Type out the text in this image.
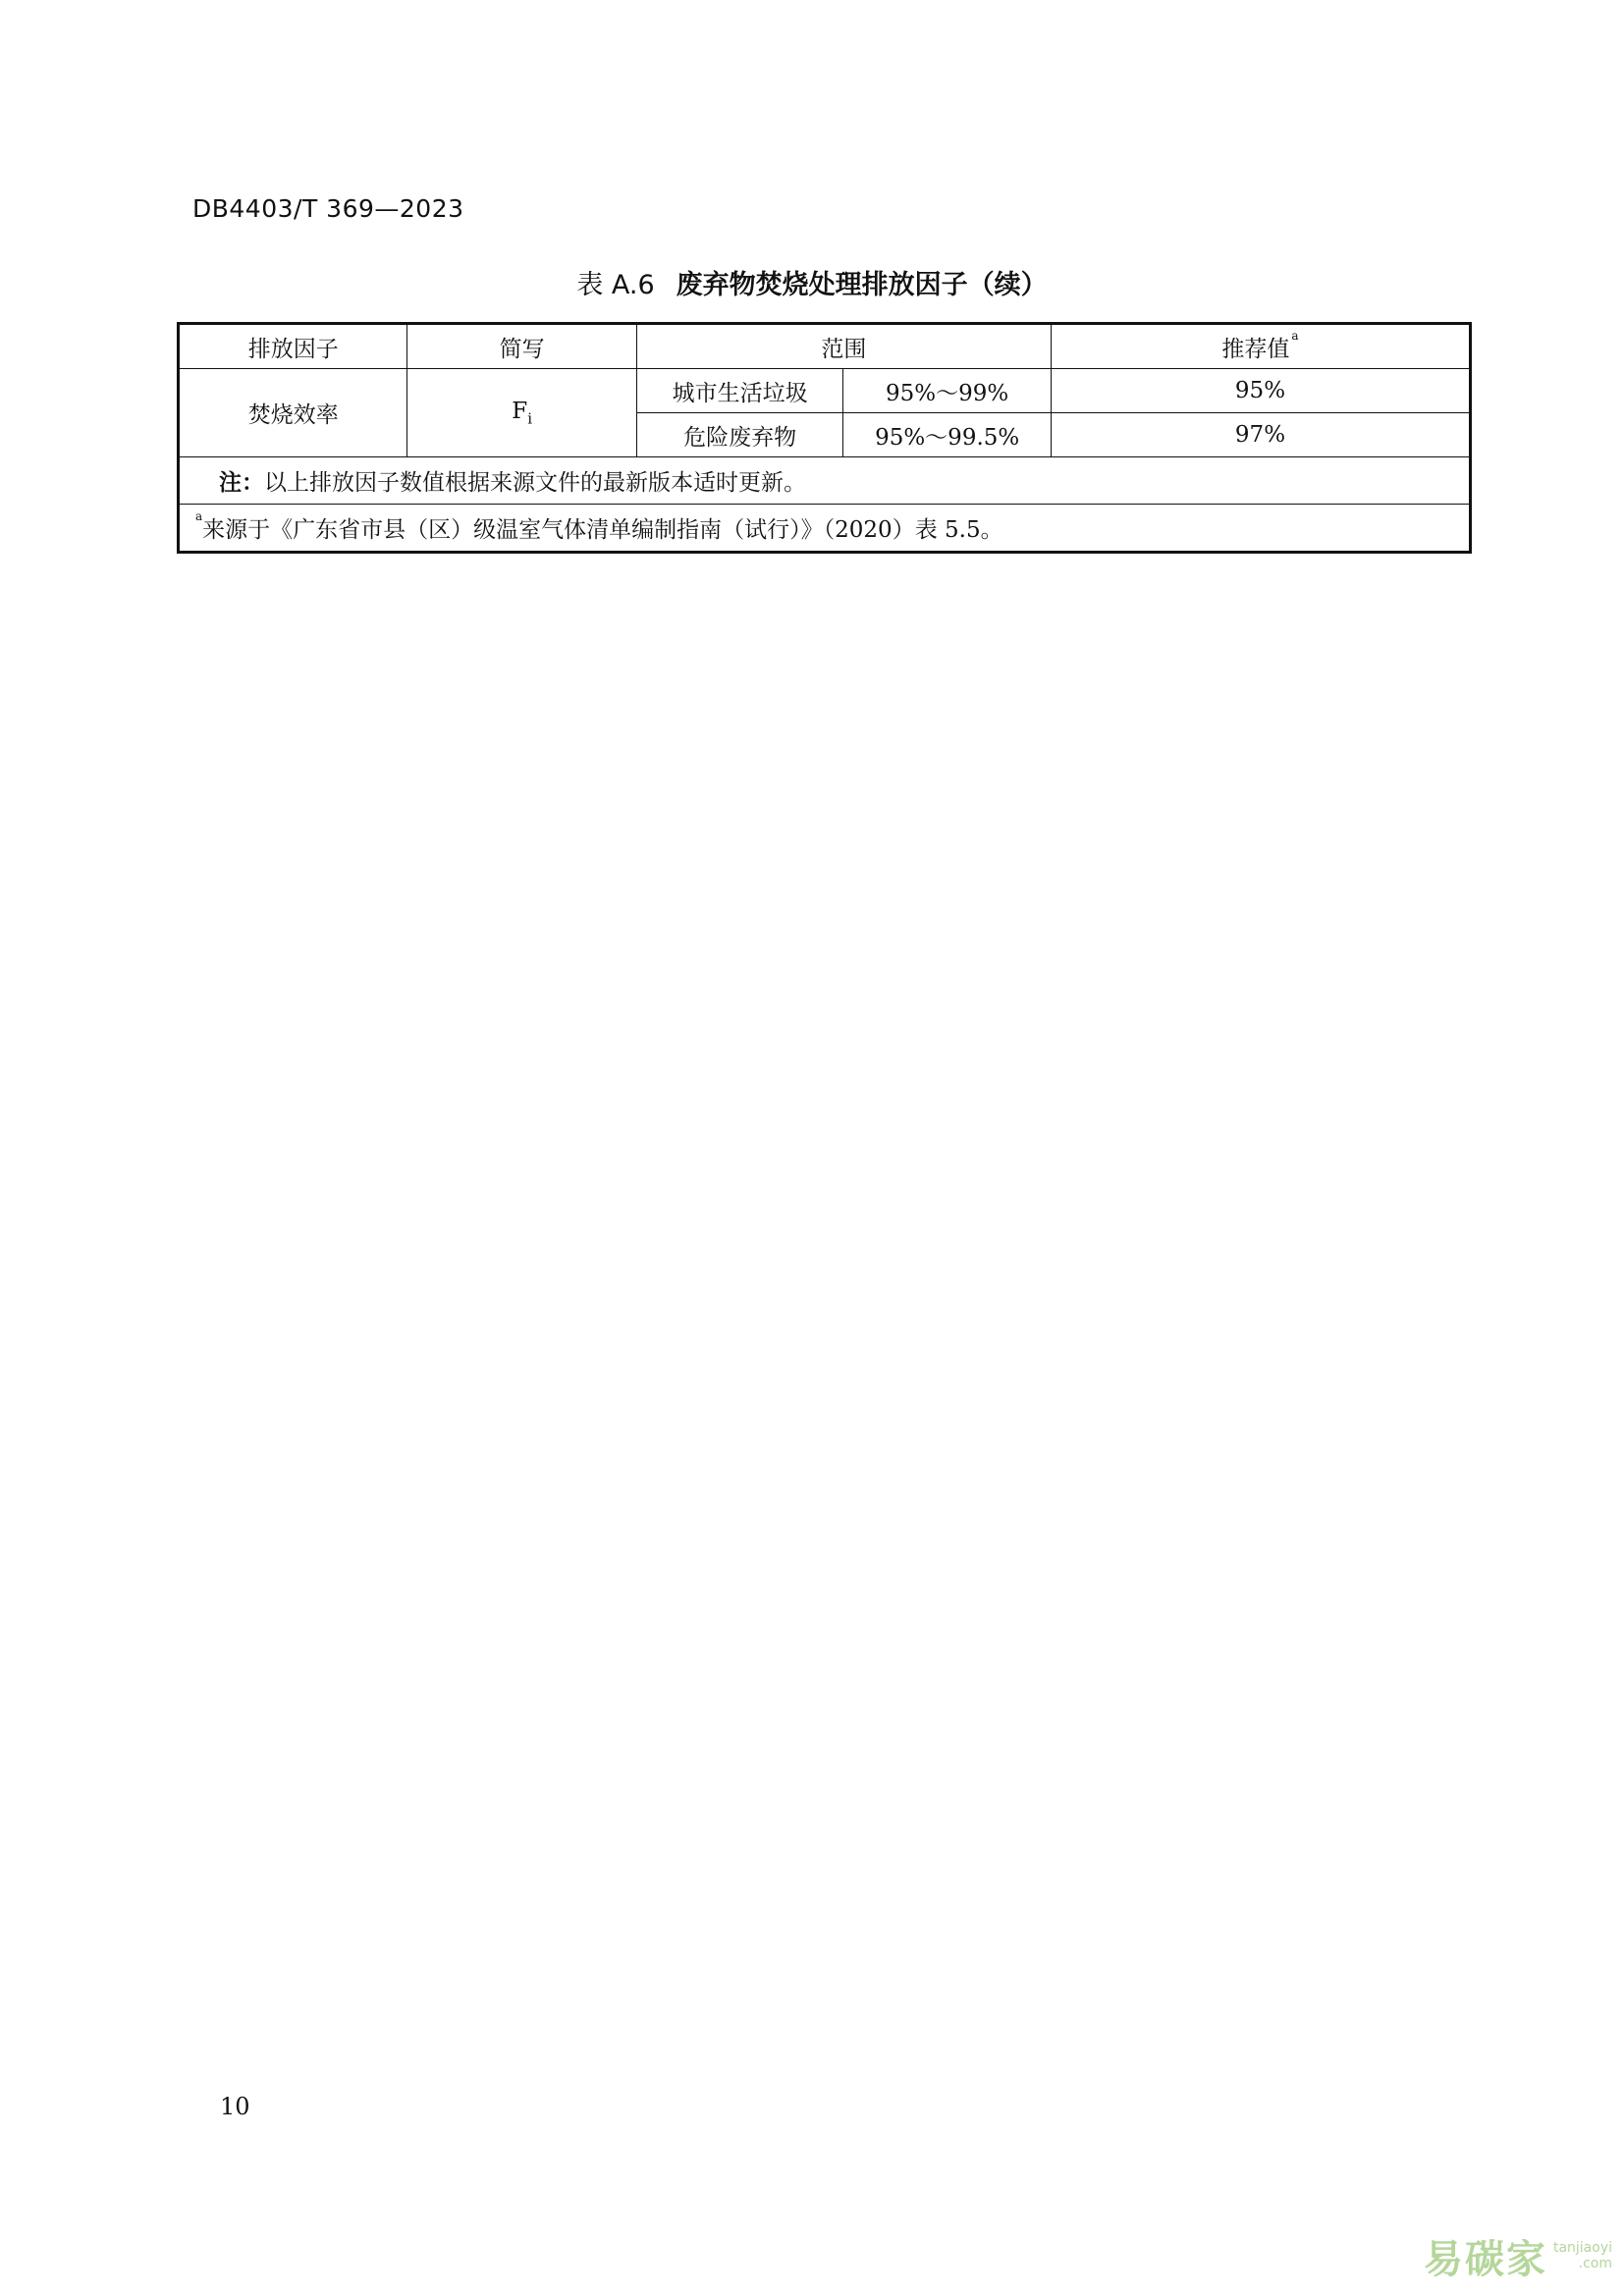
DB4403/T 369—2023
表 A.6 废弃物焚烧处理排放因子（续）
排放因子	简写	范围		推荐值$^a$
焚烧效率	$F_i$	城市生活垃圾	95%～99%	95%
		危险废弃物	95%～99.5%	97%
注：以上排放因子数值根据来源文件的最新版本适时更新。				
$^a$来源于《广东省市县（区）级温室气体清单编制指南（试行）》（2020）表 5.5。				
10
易碳家 tanjiaoyi
.com
